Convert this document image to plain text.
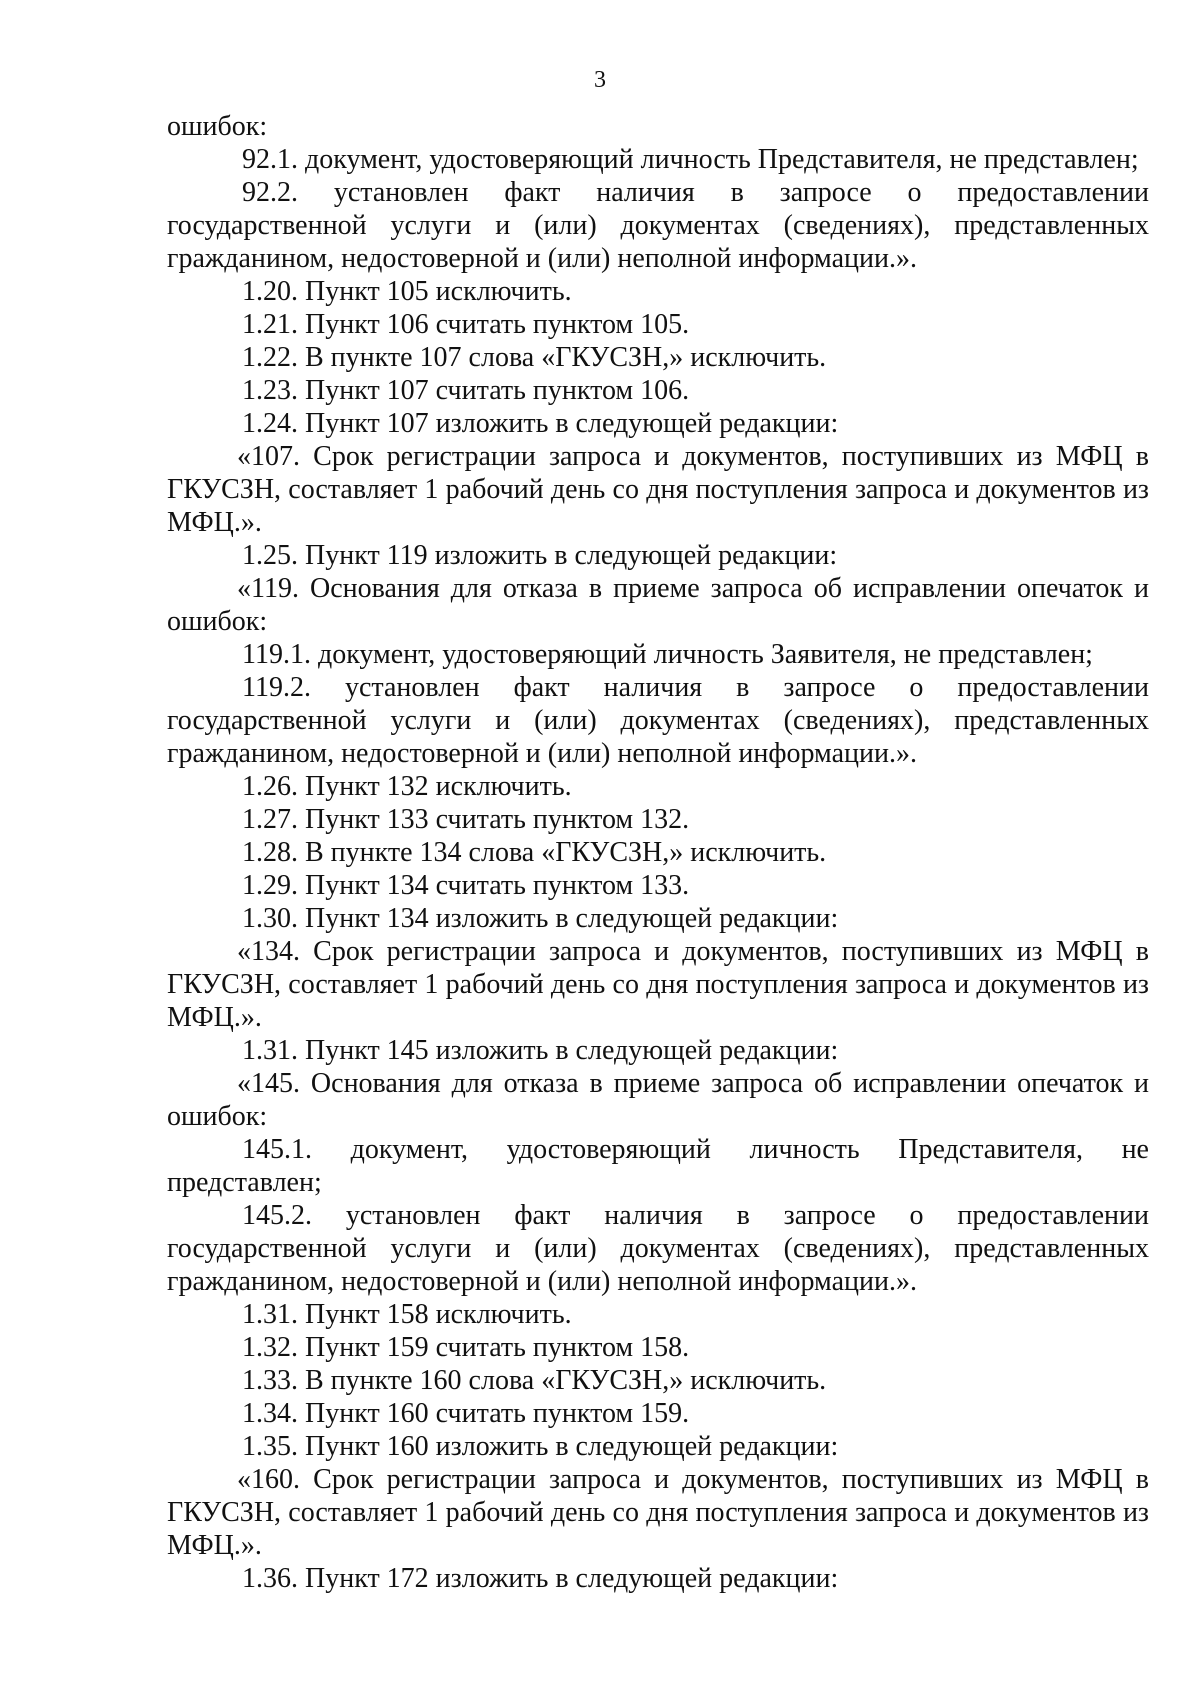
3

ошибок:

92.1. документ, удостоверяющий личность Представителя, не представлен;

92.2. установлен факт наличия в запросе о предоставлении государственной услуги и (или) документах (сведениях), представленных гражданином, недостоверной и (или) неполной информации.».

1.20. Пункт 105 исключить.

1.21. Пункт 106 считать пунктом 105.

1.22. В пункте 107 слова «ГКУСЗН,» исключить.

1.23. Пункт 107 считать пунктом 106.

1.24. Пункт 107 изложить в следующей редакции:

«107. Срок регистрации запроса и документов, поступивших из МФЦ в ГКУСЗН, составляет 1 рабочий день со дня поступления запроса и документов из МФЦ.».

1.25. Пункт 119 изложить в следующей редакции:

«119. Основания для отказа в приеме запроса об исправлении опечаток и ошибок:

119.1. документ, удостоверяющий личность Заявителя, не представлен;

119.2. установлен факт наличия в запросе о предоставлении государственной услуги и (или) документах (сведениях), представленных гражданином, недостоверной и (или) неполной информации.».

1.26. Пункт 132 исключить.

1.27. Пункт 133 считать пунктом 132.

1.28. В пункте 134 слова «ГКУСЗН,» исключить.

1.29. Пункт 134 считать пунктом 133.

1.30. Пункт 134 изложить в следующей редакции:

«134. Срок регистрации запроса и документов, поступивших из МФЦ в ГКУСЗН, составляет 1 рабочий день со дня поступления запроса и документов из МФЦ.».

1.31. Пункт 145 изложить в следующей редакции:

«145. Основания для отказа в приеме запроса об исправлении опечаток и ошибок:

145.1. документ, удостоверяющий личность Представителя, не представлен;

145.2. установлен факт наличия в запросе о предоставлении государственной услуги и (или) документах (сведениях), представленных гражданином, недостоверной и (или) неполной информации.».

1.31. Пункт 158 исключить.

1.32. Пункт 159 считать пунктом 158.

1.33. В пункте 160 слова «ГКУСЗН,» исключить.

1.34. Пункт 160 считать пунктом 159.

1.35. Пункт 160 изложить в следующей редакции:

«160. Срок регистрации запроса и документов, поступивших из МФЦ в ГКУСЗН, составляет 1 рабочий день со дня поступления запроса и документов из МФЦ.».

1.36. Пункт 172 изложить в следующей редакции:
